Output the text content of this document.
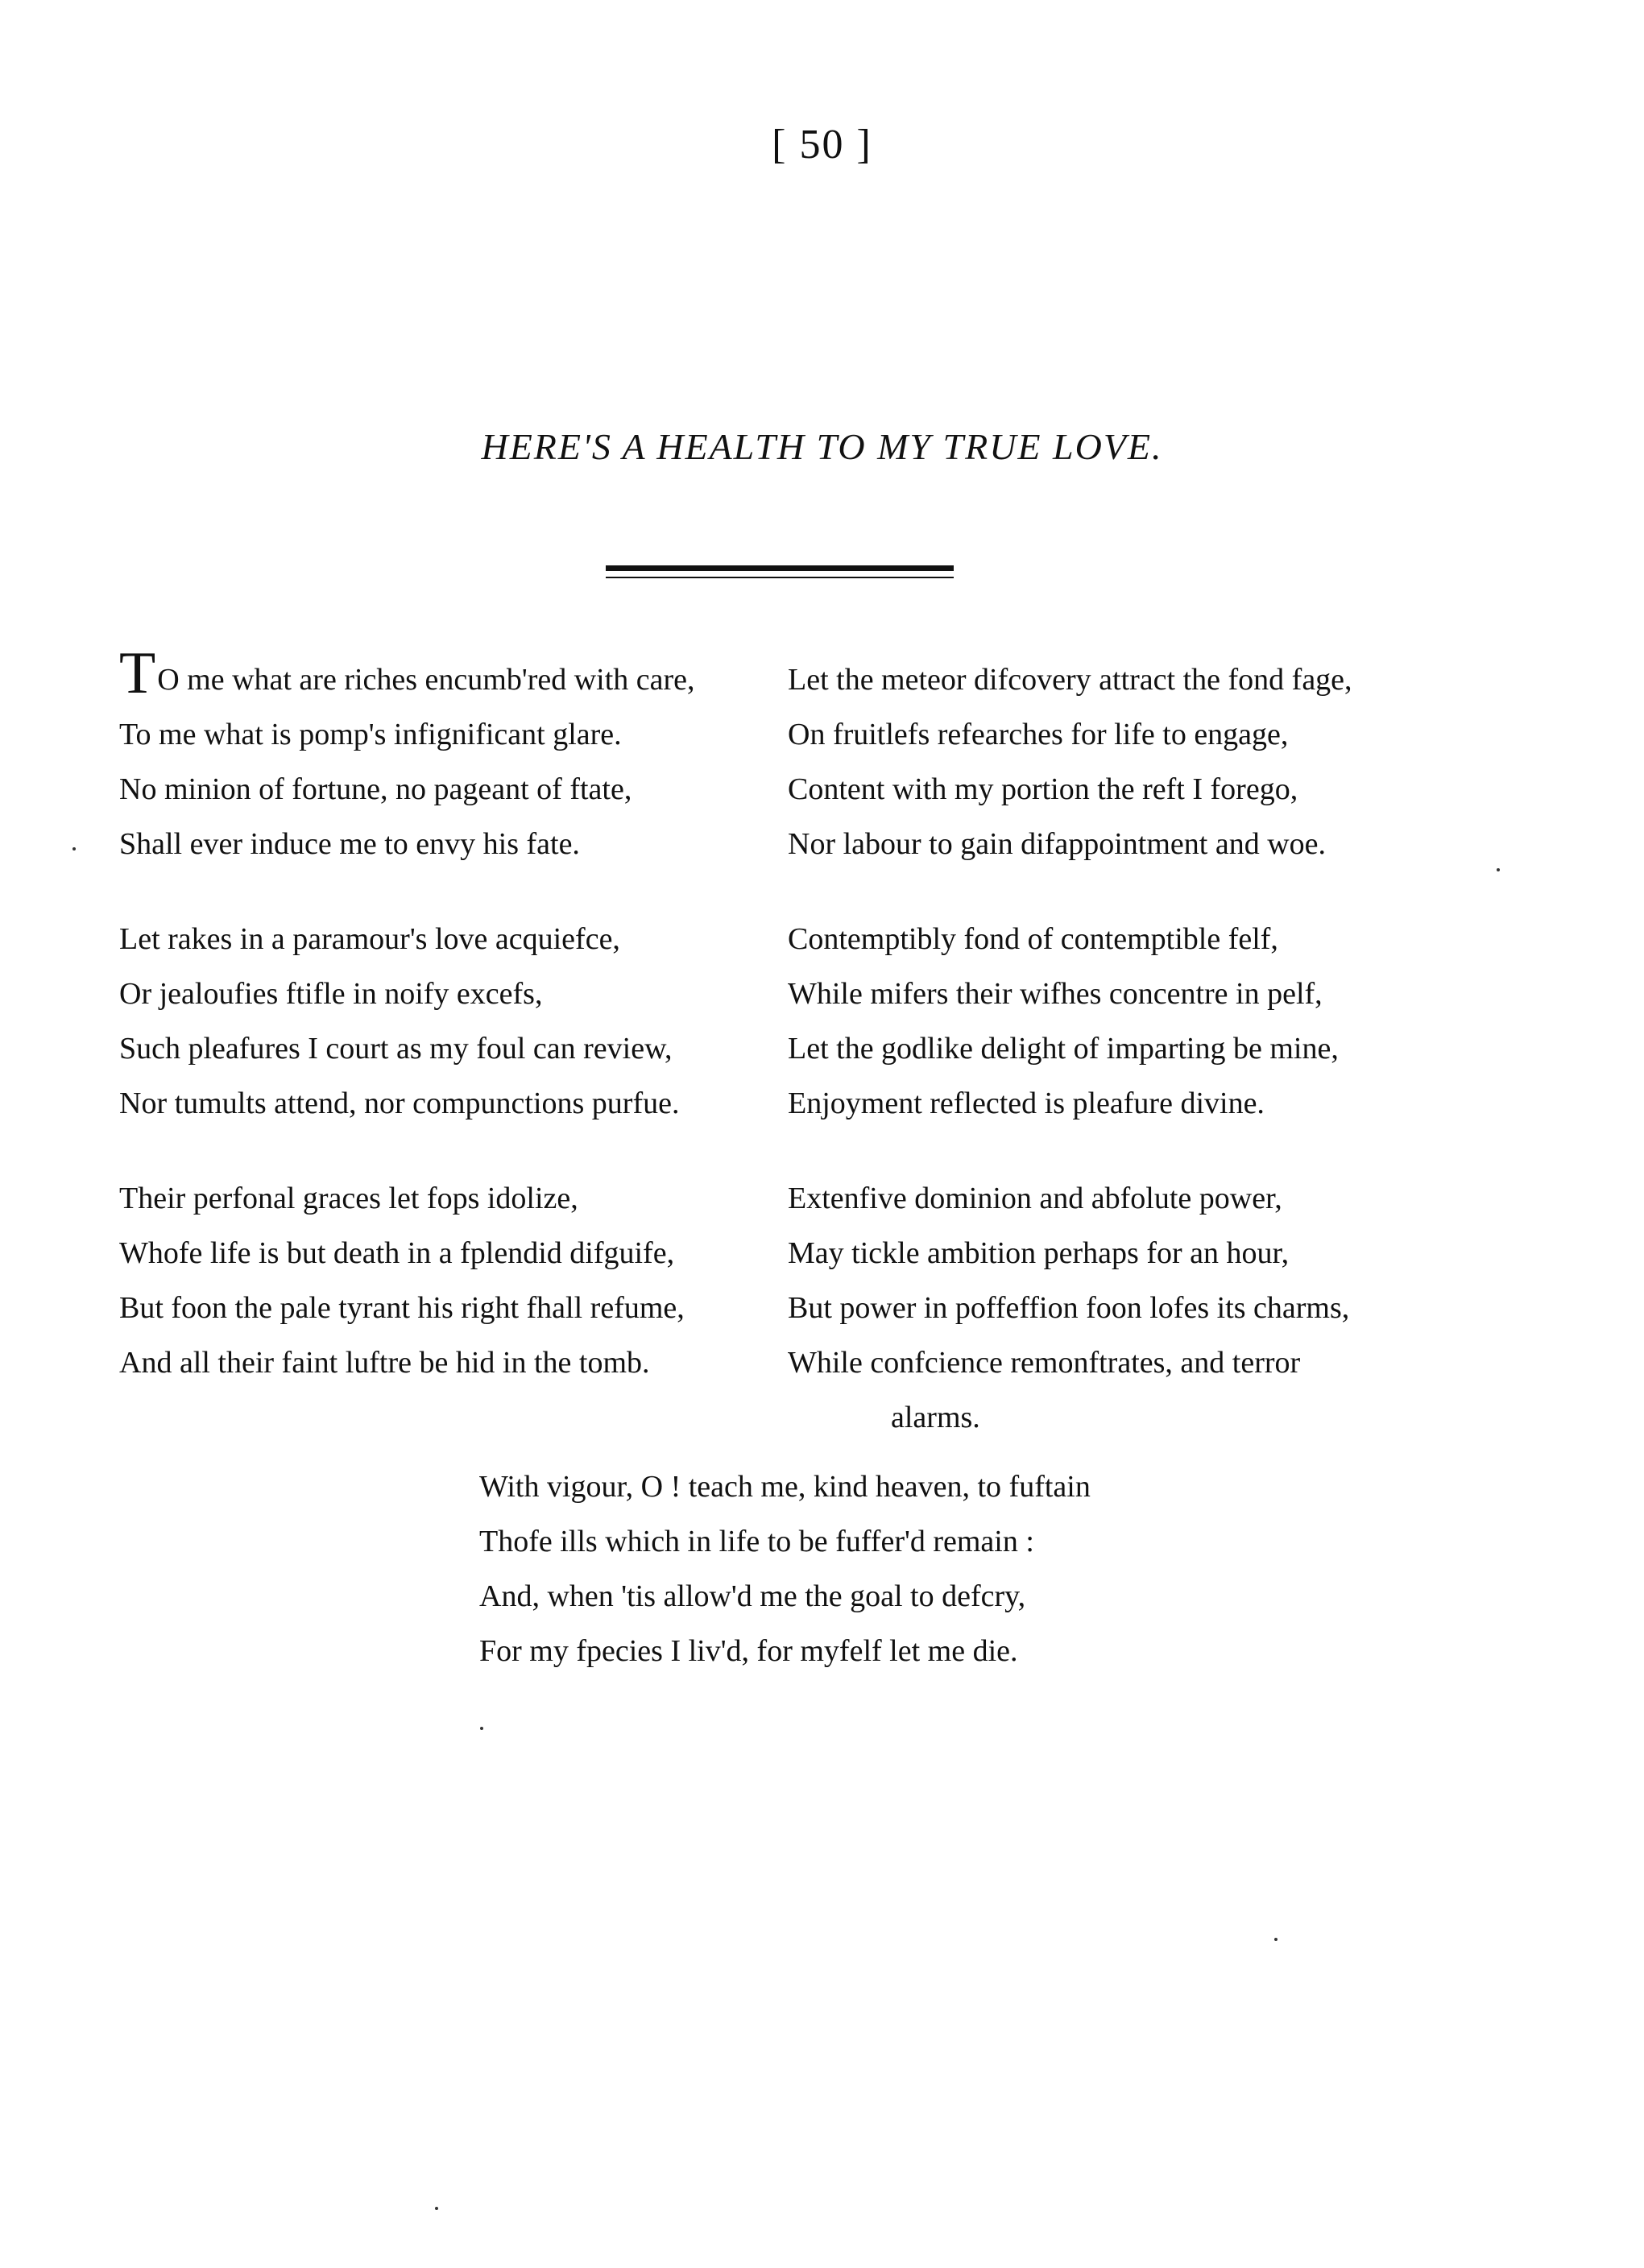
[ 50 ]
HERE'S A HEALTH TO MY TRUE LOVE.
TO me what are riches encumb'red with care,
To me what is pomp's infignificant glare.
No minion of fortune, no pageant of ftate,
Shall ever induce me to envy his fate.
Let rakes in a paramour's love acquiefce,
Or jealoufies ftifle in noify excefs,
Such pleafures I court as my foul can review,
Nor tumults attend, nor compunctions purfue.
Their perfonal graces let fops idolize,
Whofe life is but death in a fplendid difguife,
But foon the pale tyrant his right fhall refume,
And all their faint luftre be hid in the tomb.
Let the meteor difcovery attract the fond fage,
On fruitlefs refearches for life to engage,
Content with my portion the reft I forego,
Nor labour to gain difappointment and woe.
Contemptibly fond of contemptible felf,
While mifers their wifhes concentre in pelf,
Let the godlike delight of imparting be mine,
Enjoyment reflected is pleafure divine.
Extenfive dominion and abfolute power,
May tickle ambition perhaps for an hour,
But power in poffeffion foon lofes its charms,
While confcience remonftrates, and terror
alarms.
With vigour, O ! teach me, kind heaven, to fuftain
Thofe ills which in life to be fuffer'd remain :
And, when 'tis allow'd me the goal to defcry,
For my fpecies I liv'd, for myfelf let me die.
